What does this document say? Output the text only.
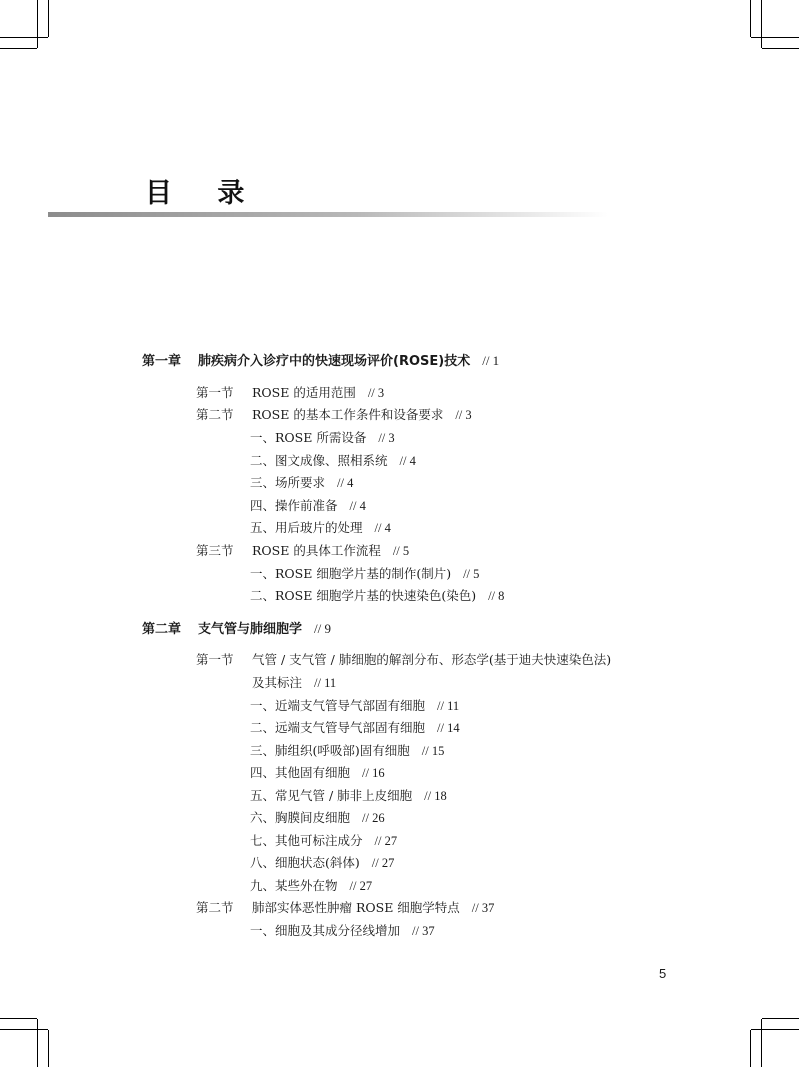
目 录
第一章 肺疾病介入诊疗中的快速现场评价(ROSE)技术 // 1
第一节 ROSE 的适用范围 // 3
第二节 ROSE 的基本工作条件和设备要求 // 3
一、ROSE 所需设备 // 3
二、图文成像、照相系统 // 4
三、场所要求 // 4
四、操作前准备 // 4
五、用后玻片的处理 // 4
第三节 ROSE 的具体工作流程 // 5
一、ROSE 细胞学片基的制作(制片) // 5
二、ROSE 细胞学片基的快速染色(染色) // 8
第二章 支气管与肺细胞学 // 9
第一节 气管 / 支气管 / 肺细胞的解剖分布、形态学(基于迪夫快速染色法)
及其标注 // 11
一、近端支气管导气部固有细胞 // 11
二、远端支气管导气部固有细胞 // 14
三、肺组织(呼吸部)固有细胞 // 15
四、其他固有细胞 // 16
五、常见气管 / 肺非上皮细胞 // 18
六、胸膜间皮细胞 // 26
七、其他可标注成分 // 27
八、细胞状态(斜体) // 27
九、某些外在物 // 27
第二节 肺部实体恶性肿瘤 ROSE 细胞学特点 // 37
一、细胞及其成分径线增加 // 37
5
